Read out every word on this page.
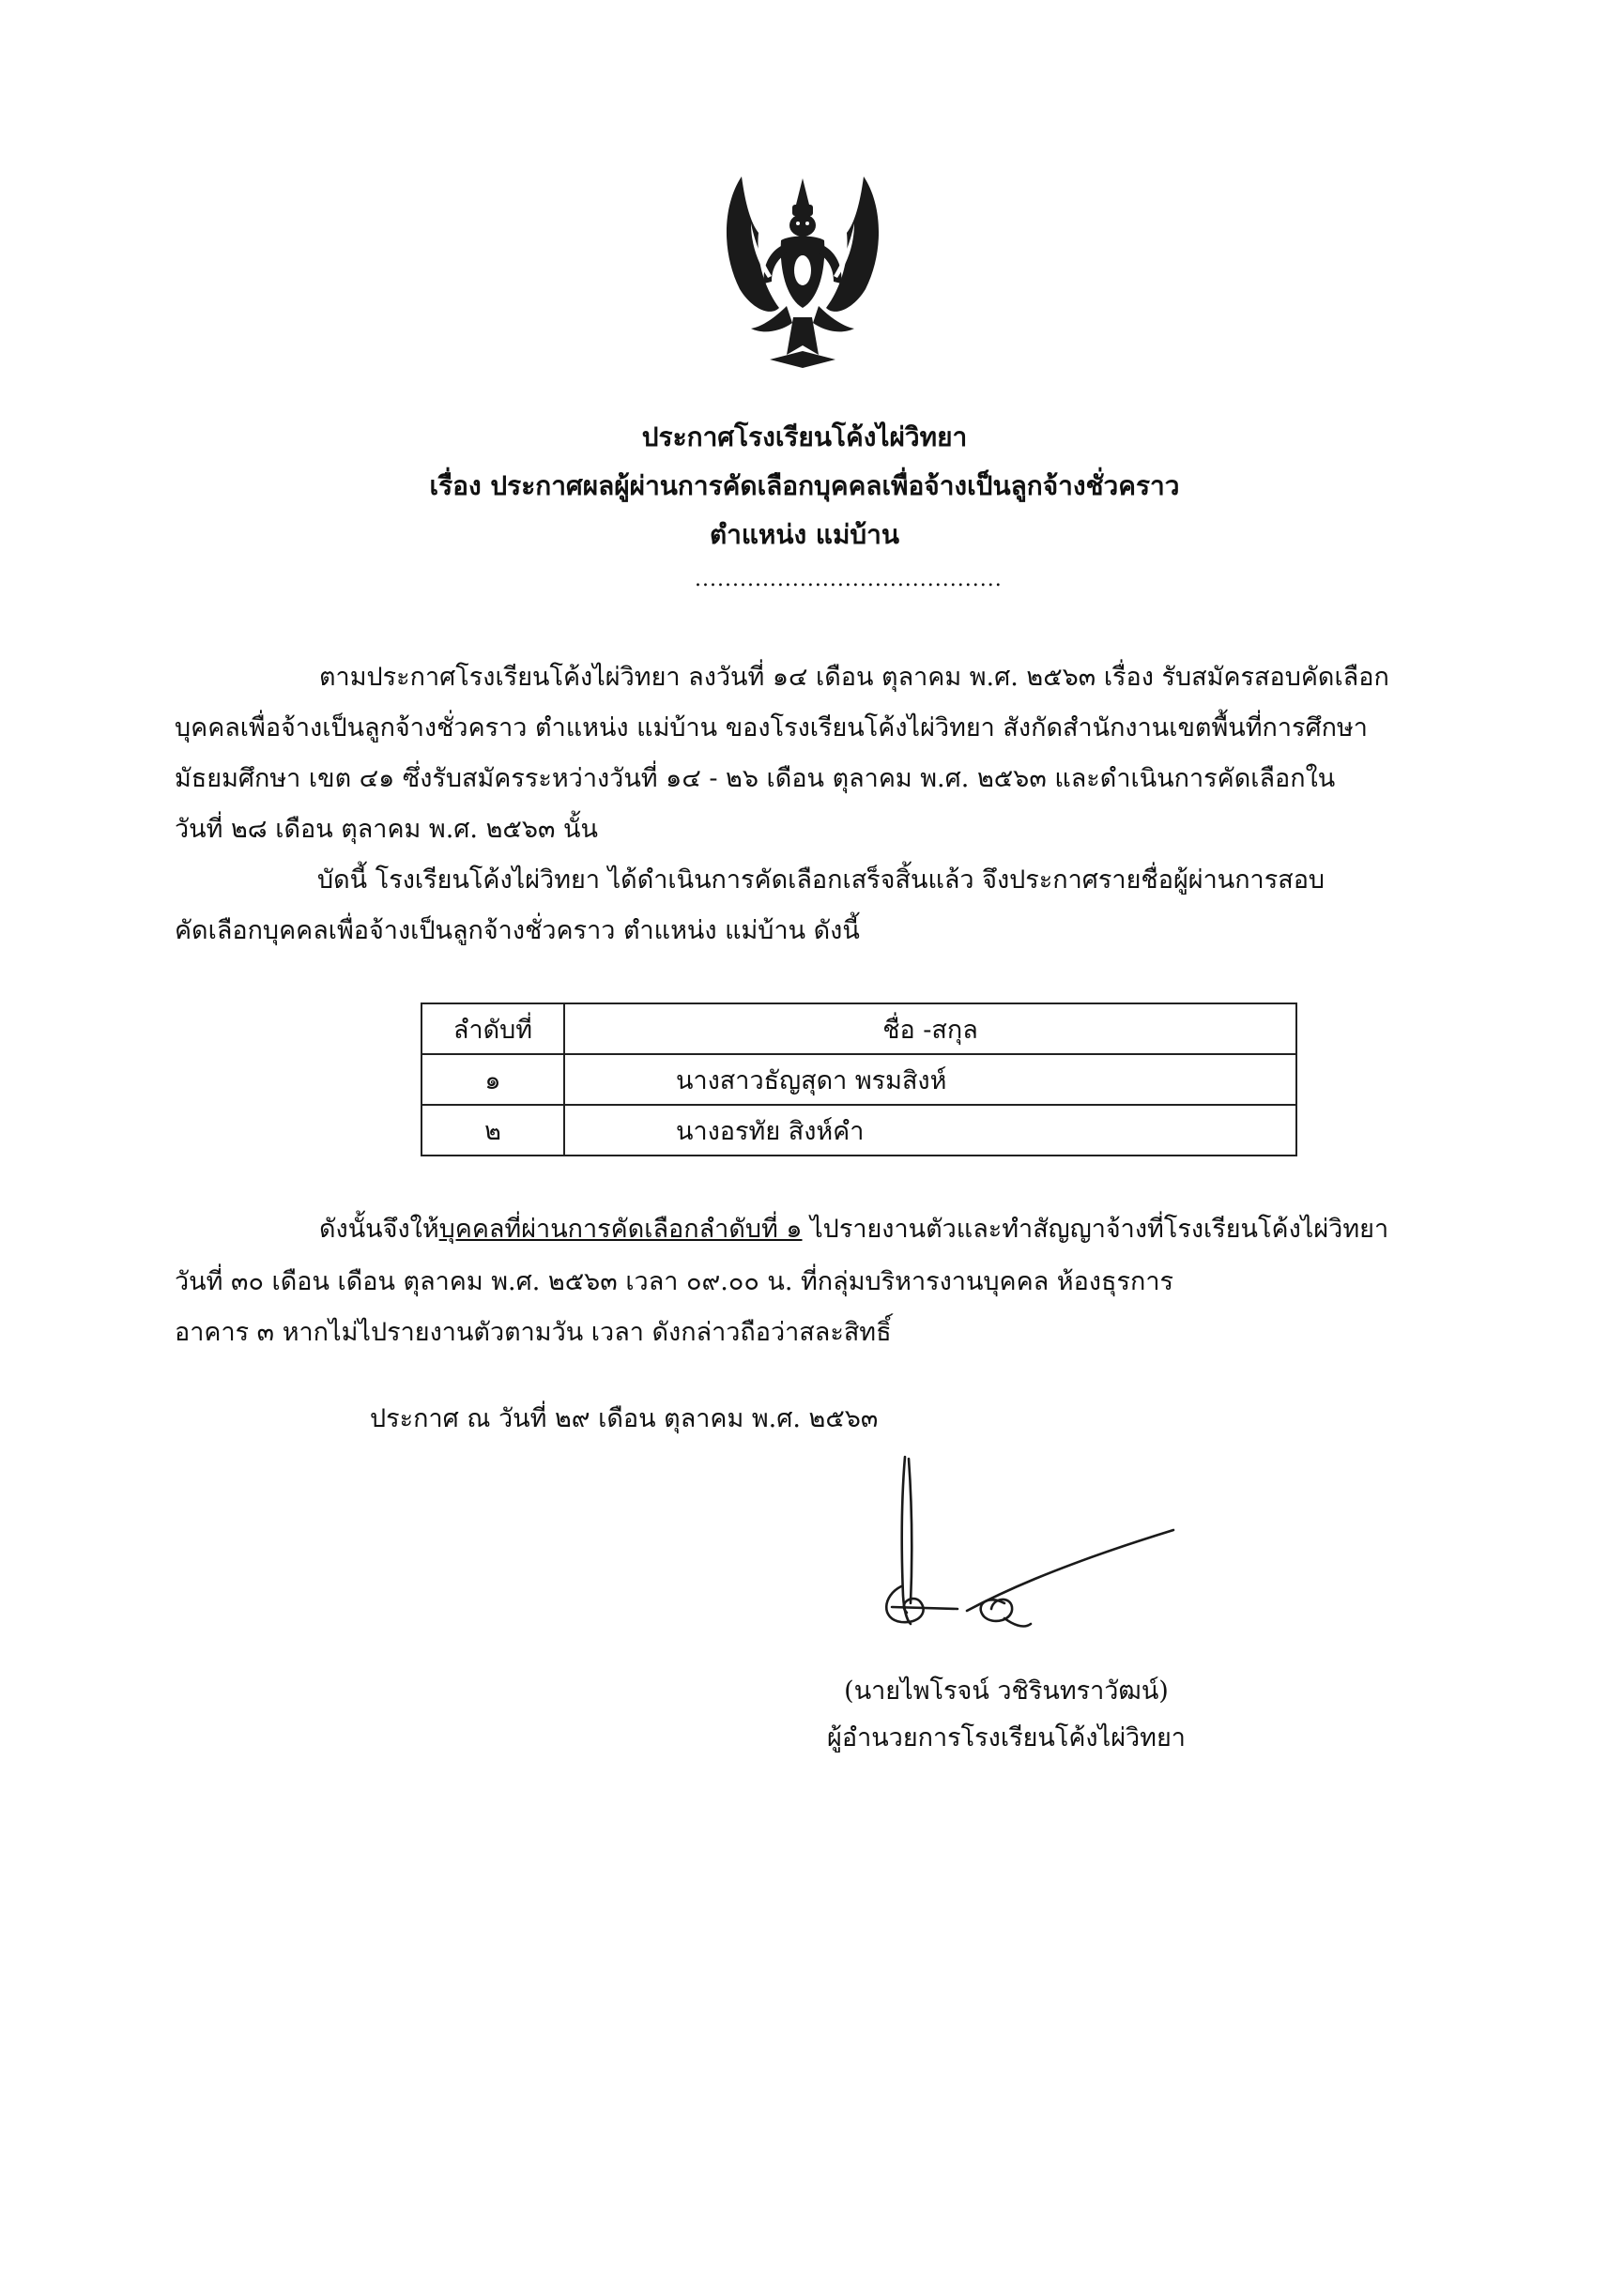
ประกาศโรงเรียนโค้งไผ่วิทยา
เรื่อง ประกาศผลผู้ผ่านการคัดเลือกบุคคลเพื่อจ้างเป็นลูกจ้างชั่วคราว
ตำแหน่ง แม่บ้าน
.........................................
ตามประกาศโรงเรียนโค้งไผ่วิทยา ลงวันที่ ๑๔ เดือน ตุลาคม พ.ศ. ๒๕๖๓ เรื่อง รับสมัครสอบคัดเลือก
บุคคลเพื่อจ้างเป็นลูกจ้างชั่วคราว ตำแหน่ง แม่บ้าน ของโรงเรียนโค้งไผ่วิทยา สังกัดสำนักงานเขตพื้นที่การศึกษา
มัธยมศึกษา เขต ๔๑ ซึ่งรับสมัครระหว่างวันที่ ๑๔ - ๒๖ เดือน ตุลาคม พ.ศ. ๒๕๖๓ และดำเนินการคัดเลือกใน
วันที่ ๒๘ เดือน ตุลาคม พ.ศ. ๒๕๖๓ นั้น
บัดนี้ โรงเรียนโค้งไผ่วิทยา ได้ดำเนินการคัดเลือกเสร็จสิ้นแล้ว จึงประกาศรายชื่อผู้ผ่านการสอบ
คัดเลือกบุคคลเพื่อจ้างเป็นลูกจ้างชั่วคราว ตำแหน่ง แม่บ้าน ดังนี้
ลำดับที่	ชื่อ -สกุล
๑	นางสาวธัญสุดา พรมสิงห์
๒	นางอรทัย สิงห์คำ
ดังนั้นจึงให้บุคคลที่ผ่านการคัดเลือกลำดับที่ ๑ ไปรายงานตัวและทำสัญญาจ้างที่โรงเรียนโค้งไผ่วิทยา
วันที่ ๓๐ เดือน เดือน ตุลาคม พ.ศ. ๒๕๖๓ เวลา ๐๙.๐๐ น. ที่กลุ่มบริหารงานบุคคล ห้องธุรการ
อาคาร ๓ หากไม่ไปรายงานตัวตามวัน เวลา ดังกล่าวถือว่าสละสิทธิ์
ประกาศ ณ วันที่ ๒๙ เดือน ตุลาคม พ.ศ. ๒๕๖๓
(นายไพโรจน์ วชิรินทราวัฒน์)
ผู้อำนวยการโรงเรียนโค้งไผ่วิทยา
